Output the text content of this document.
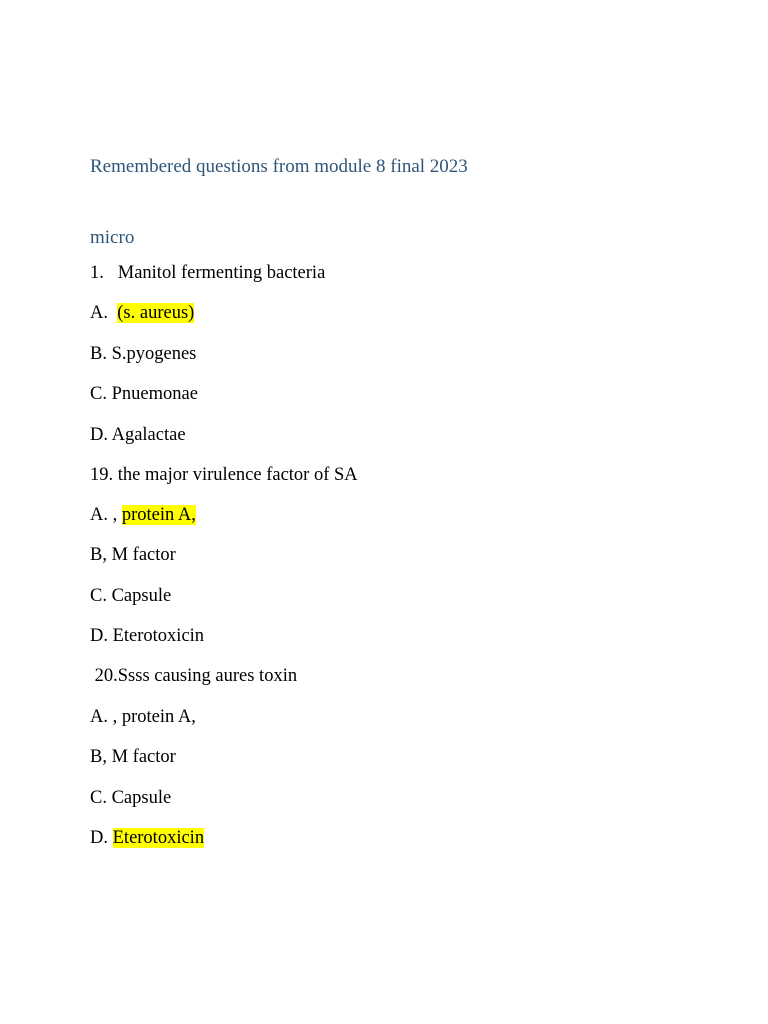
Remembered questions from module 8 final 2023
micro
1.   Manitol fermenting bacteria
A.  (s. aureus)
B. S.pyogenes
C. Pnuemonae
D. Agalactae
19. the major virulence factor of SA
A. , protein A,
B, M factor
C. Capsule
D. Eterotoxicin
20.Ssss causing aures toxin
A. , protein A,
B, M factor
C. Capsule
D. Eterotoxicin
